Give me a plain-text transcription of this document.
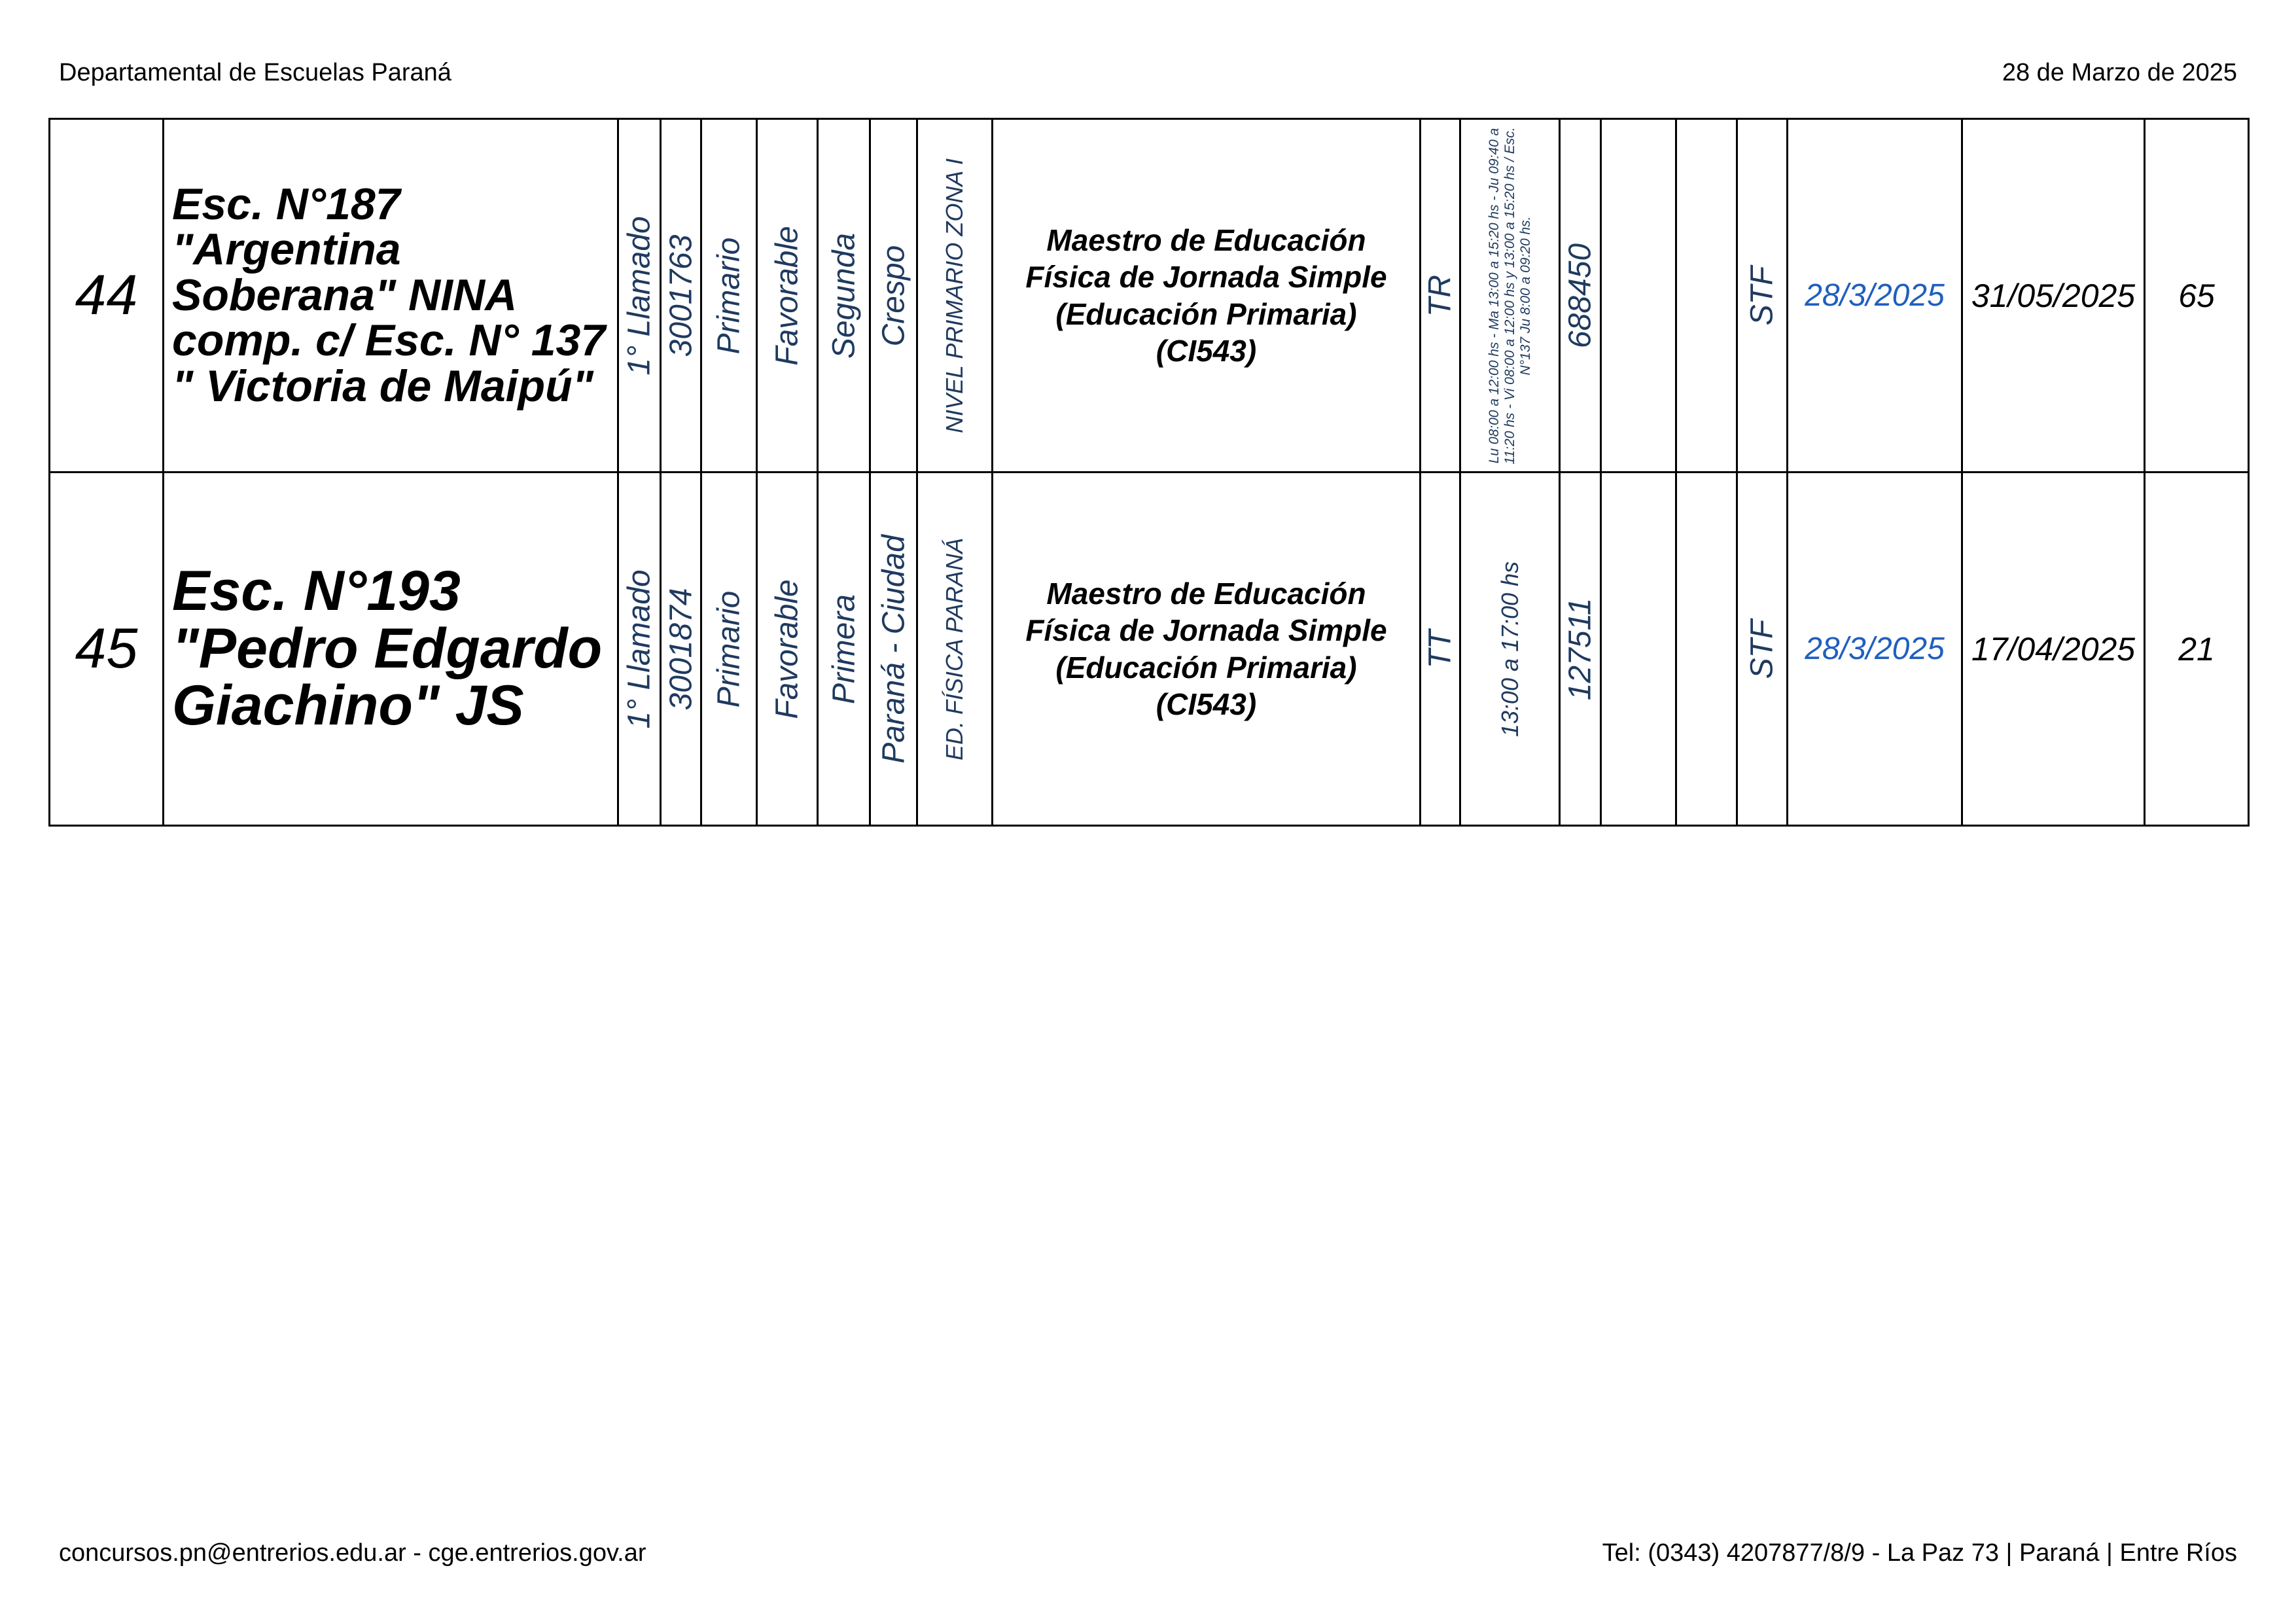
Departamental de Escuelas Paraná	28 de Marzo de 2025
44	Esc. N°187 "Argentina Soberana" NINA comp. c/ Esc. N° 137 " Victoria de Maipú"	1° Llamado	3001763	Primario	Favorable	Segunda	Crespo	NIVEL PRIMARIO ZONA I	Maestro de Educación Física de Jornada Simple (Educación Primaria) (CI543)	TR	Lu 08:00 a 12:00 hs - Ma 13:00 a 15:20 hs - Ju 09:40 a 11:20 hs - Vi 08:00 a 12:00 hs y 13:00 a 15:20 hs / Esc. N°137 Ju 8:00 a 09:20 hs.	688450			STF	28/3/2025	31/05/2025	65
45	Esc. N°193 "Pedro Edgardo Giachino" JS	1° Llamado	3001874	Primario	Favorable	Primera	Paraná - Ciudad	ED. FÍSICA PARANÁ	Maestro de Educación Física de Jornada Simple (Educación Primaria) (CI543)	TT	13:00 a 17:00 hs	127511			STF	28/3/2025	17/04/2025	21
concursos.pn@entrerios.edu.ar - cge.entrerios.gov.ar	Tel: (0343) 4207877/8/9 - La Paz 73 | Paraná | Entre Ríos
